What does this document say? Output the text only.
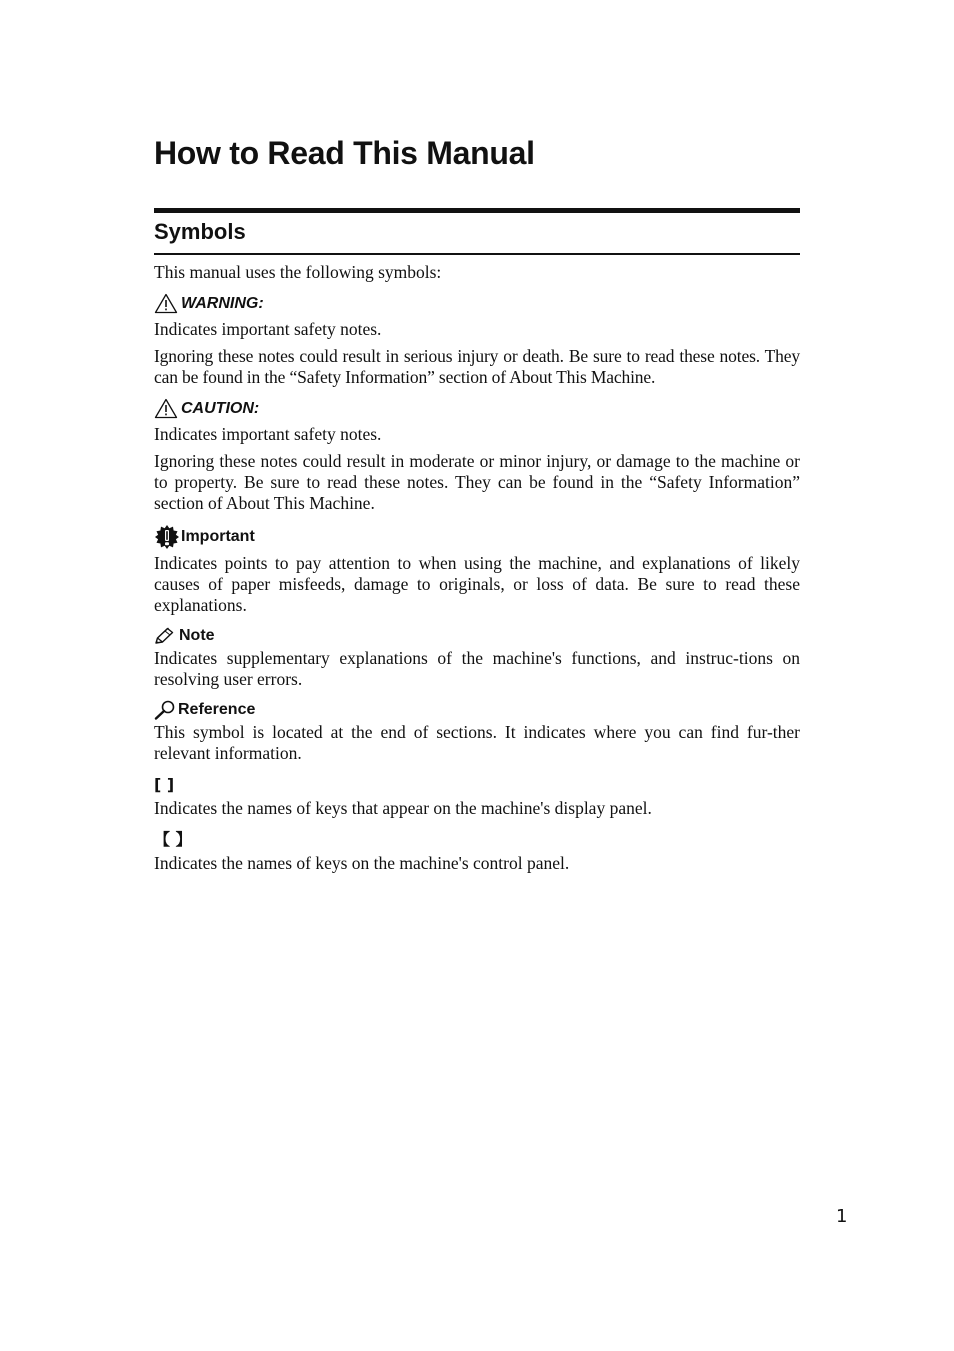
How to Read This Manual
Symbols

This manual uses the following symbols:

WARNING:

Indicates important safety notes.

Ignoring these notes could result in serious injury or death. Be sure to read these notes. They can be found in the “Safety Information” section of About This Machine.

CAUTION:

Indicates important safety notes.

Ignoring these notes could result in moderate or minor injury, or damage to the machine or to property. Be sure to read these notes. They can be found in the “Safety Information” section of About This Machine.

Important

Indicates points to pay attention to when using the machine, and explanations of likely causes of paper misfeeds, damage to originals, or loss of data. Be sure to read these explanations.

Note

Indicates supplementary explanations of the machine's functions, and instruc-tions on resolving user errors.

Reference

This symbol is located at the end of sections. It indicates where you can find fur-ther relevant information.

[ ]

Indicates the names of keys that appear on the machine's display panel.

【 】

Indicates the names of keys on the machine's control panel.

1
